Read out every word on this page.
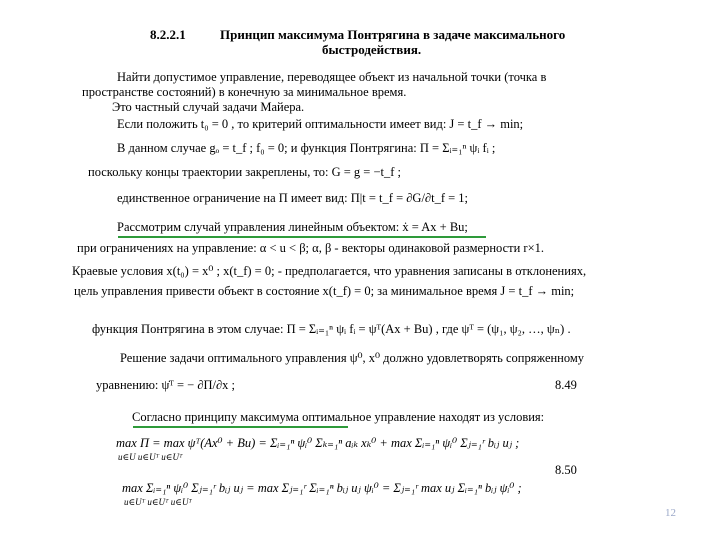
8.2.2.1	Принцип максимума Понтрягина в задаче максимального
быстродействия.
Найти допустимое управление, переводящее объект из начальной точки (точка в
пространстве состояний) в конечную за минимальное время.
Это частный случай задачи Майера.
Если положить t₀ = 0 , то критерий оптимальности имеет вид: J = t_f → min;
В данном случае gₒ = t_f ; f₀ = 0; и функция Понтрягина: П = Σᵢ₌₁ⁿ ψᵢ fᵢ ;
поскольку концы траектории закреплены, то: G = g = −t_f ;
единственное ограничение на П имеет вид: П|t = t_f = ∂G/∂t_f = 1;
Рассмотрим случай управления линейным объектом: ẋ = Ax + Bu;
при ограничениях на управление: α < u < β; α, β - векторы одинаковой размерности r×1.
Краевые условия x(t₀) = x⁰ ; x(t_f) = 0; - предполагается, что уравнения записаны в отклонениях,
цель управления привести объект в состояние x(t_f) = 0; за минимальное время J = t_f → min;
функция Понтрягина в этом случае: П = Σᵢ₌₁ⁿ ψᵢ fᵢ = ψᵀ(Ax + Bu) , где ψᵀ = (ψ₁, ψ₂, …, ψₙ) .
Решение задачи оптимального управления ψ⁰, x⁰ должно удовлетворять сопряженному
уравнению: ψ̇ᵀ = − ∂П/∂x ;	8.49
Согласно принципу максимума оптимальное управление находят из условия:
max П = max ψᵀ(Ax⁰ + Bu) = Σᵢ₌₁ⁿ ψᵢ⁰ Σₖ₌₁ⁿ aᵢₖ xₖ⁰ + max Σᵢ₌₁ⁿ ψᵢ⁰ Σⱼ₌₁ʳ bᵢⱼ uⱼ ;
u∈U u∈Uᵀ u∈Uᵀ
8.50
max Σᵢ₌₁ⁿ ψᵢ⁰ Σⱼ₌₁ʳ bᵢⱼ uⱼ = max Σⱼ₌₁ʳ Σᵢ₌₁ⁿ bᵢⱼ uⱼ ψᵢ⁰ = Σⱼ₌₁ʳ max uⱼ Σᵢ₌₁ⁿ bᵢⱼ ψᵢ⁰ ;
u∈Uᵀ u∈Uᵀ u∈Uᵀ
12
